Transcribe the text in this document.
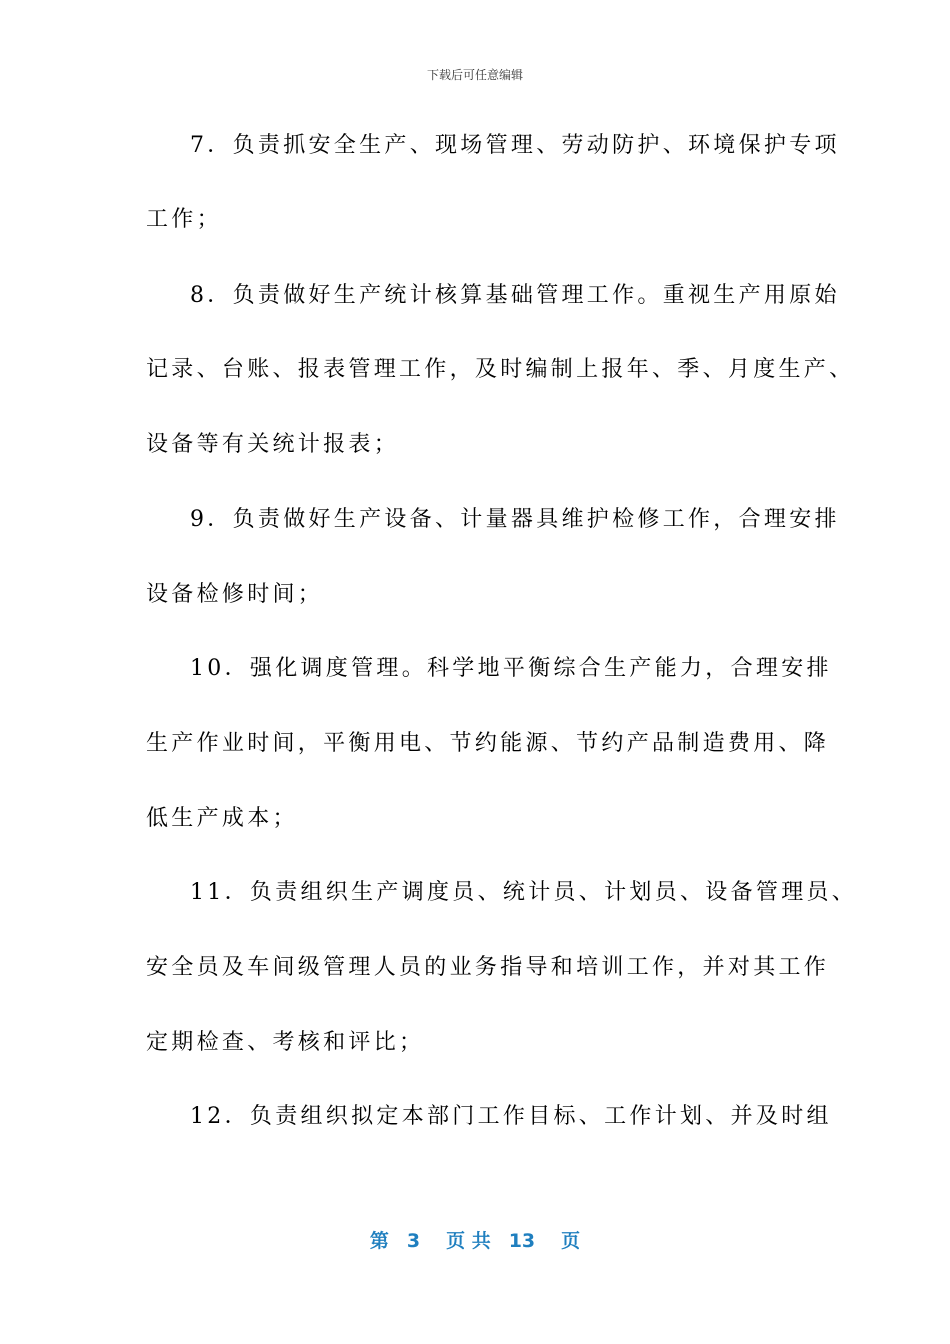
下载后可任意编辑
7．负责抓安全生产、现场管理、劳动防护、环境保护专项
工作；
8．负责做好生产统计核算基础管理工作。重视生产用原始
记录、台账、报表管理工作，及时编制上报年、季、月度生产、
设备等有关统计报表；
9．负责做好生产设备、计量器具维护检修工作，合理安排
设备检修时间；
10．强化调度管理。科学地平衡综合生产能力，合理安排
生产作业时间，平衡用电、节约能源、节约产品制造费用、降
低生产成本；
11．负责组织生产调度员、统计员、计划员、设备管理员、
安全员及车间级管理人员的业务指导和培训工作，并对其工作
定期检查、考核和评比；
12．负责组织拟定本部门工作目标、工作计划、并及时组
第 3 页 共 13 页
